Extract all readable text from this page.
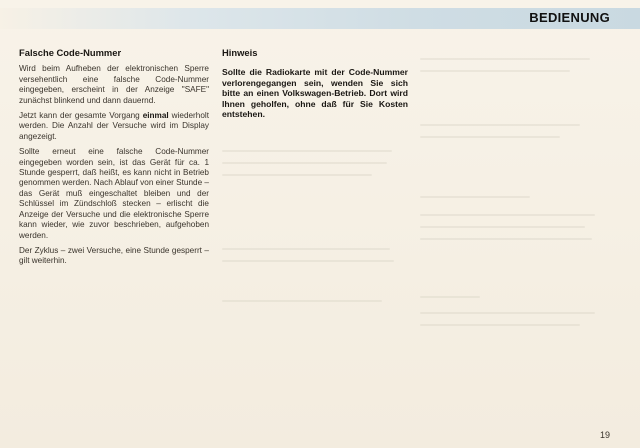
BEDIENUNG
Falsche Code-Nummer

Wird beim Aufheben der elektronischen Sperre versehentlich eine falsche Code-Nummer eingegeben, erscheint in der Anzeige "SAFE" zunächst blinkend und dann dauernd.

Jetzt kann der gesamte Vorgang einmal wiederholt werden. Die Anzahl der Versuche wird im Display angezeigt.

Sollte erneut eine falsche Code-Nummer eingegeben worden sein, ist das Gerät für ca. 1 Stunde gesperrt, daß heißt, es kann nicht in Betrieb genommen werden. Nach Ablauf von einer Stunde – das Gerät muß eingeschaltet bleiben und der Schlüssel im Zündschloß stecken – erlischt die Anzeige der Versuche und die elektronische Sperre kann wieder, wie zuvor beschrieben, aufgehoben werden.

Der Zyklus – zwei Versuche, eine Stunde gesperrt – gilt weiterhin.

Hinweis

Sollte die Radiokarte mit der Code-Nummer verlorengegangen sein, wenden Sie sich bitte an einen Volkswagen-Betrieb. Dort wird Ihnen geholfen, ohne daß für Sie Kosten entstehen.

19
